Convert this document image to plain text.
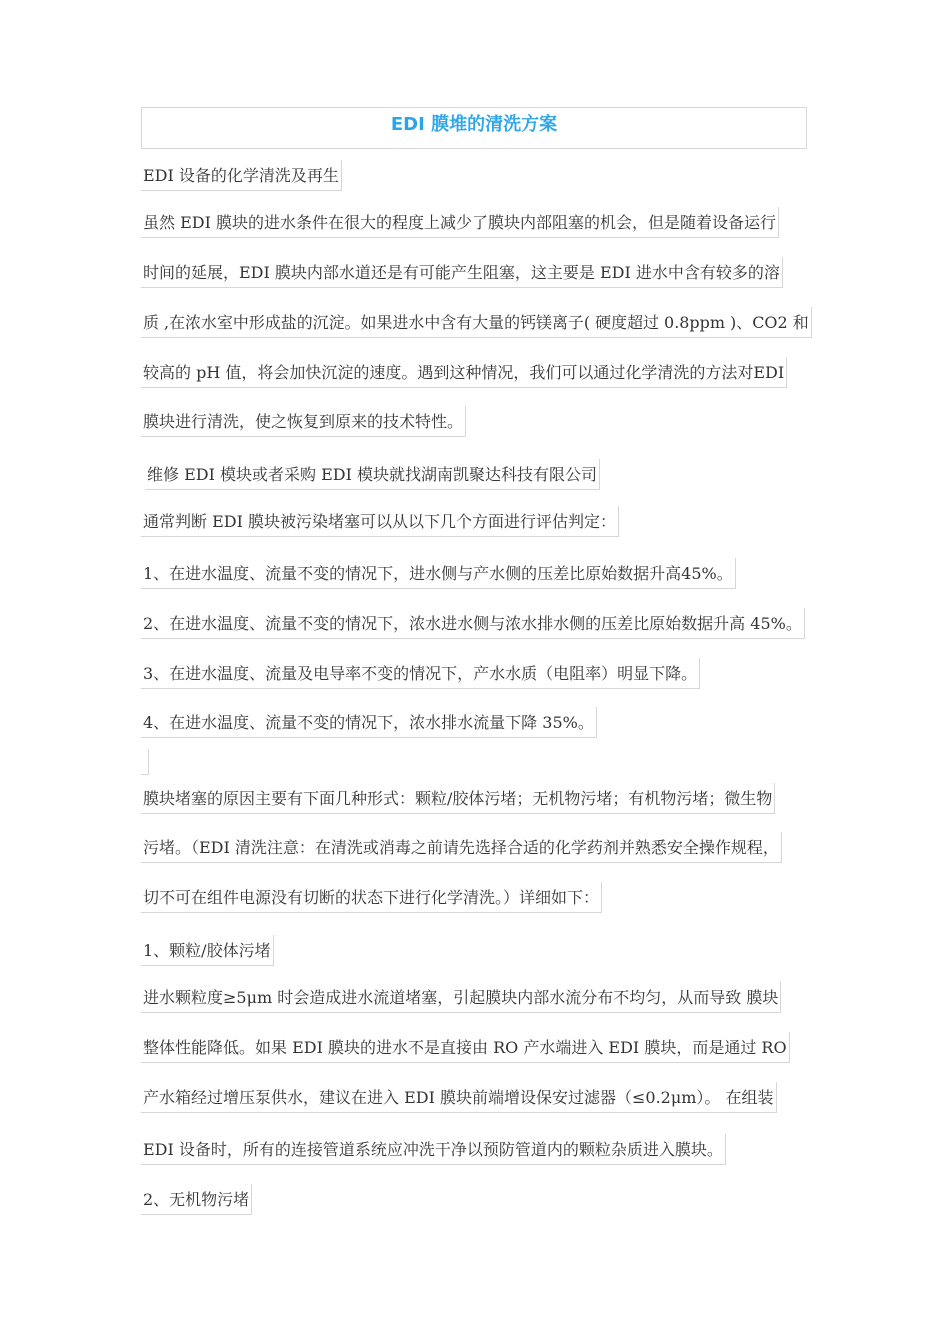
EDI 膜堆的清洗方案
EDI 设备的化学清洗及再生
虽然 EDI 膜块的进水条件在很大的程度上减少了膜块内部阻塞的机会，但是随着设备运行
时间的延展，EDI 膜块内部水道还是有可能产生阻塞，这主要是 EDI 进水中含有较多的溶
质 ,在浓水室中形成盐的沉淀。如果进水中含有大量的钙镁离子( 硬度超过 0.8ppm )、CO2 和
较高的 pH 值，将会加快沉淀的速度。遇到这种情况，我们可以通过化学清洗的方法对EDI
膜块进行清洗，使之恢复到原来的技术特性。
维修 EDI 模块或者采购 EDI 模块就找湖南凯聚达科技有限公司
通常判断 EDI 膜块被污染堵塞可以从以下几个方面进行评估判定：
1、在进水温度、流量不变的情况下，进水侧与产水侧的压差比原始数据升高45%。
2、在进水温度、流量不变的情况下，浓水进水侧与浓水排水侧的压差比原始数据升高 45%。
3、在进水温度、流量及电导率不变的情况下，产水水质（电阻率）明显下降。
4、在进水温度、流量不变的情况下，浓水排水流量下降 35%。
膜块堵塞的原因主要有下面几种形式：颗粒/胶体污堵；无机物污堵；有机物污堵；微生物
污堵。（EDI 清洗注意：在清洗或消毒之前请先选择合适的化学药剂并熟悉安全操作规程，
切不可在组件电源没有切断的状态下进行化学清洗。）详细如下：
1、颗粒/胶体污堵
进水颗粒度≥5μm 时会造成进水流道堵塞，引起膜块内部水流分布不均匀，从而导致 膜块
整体性能降低。如果 EDI 膜块的进水不是直接由 RO 产水端进入 EDI 膜块，而是通过 RO
产水箱经过增压泵供水，建议在进入 EDI 膜块前端增设保安过滤器（≤0.2μm）。 在组装
EDI 设备时，所有的连接管道系统应冲洗干净以预防管道内的颗粒杂质进入膜块。
2、无机物污堵
